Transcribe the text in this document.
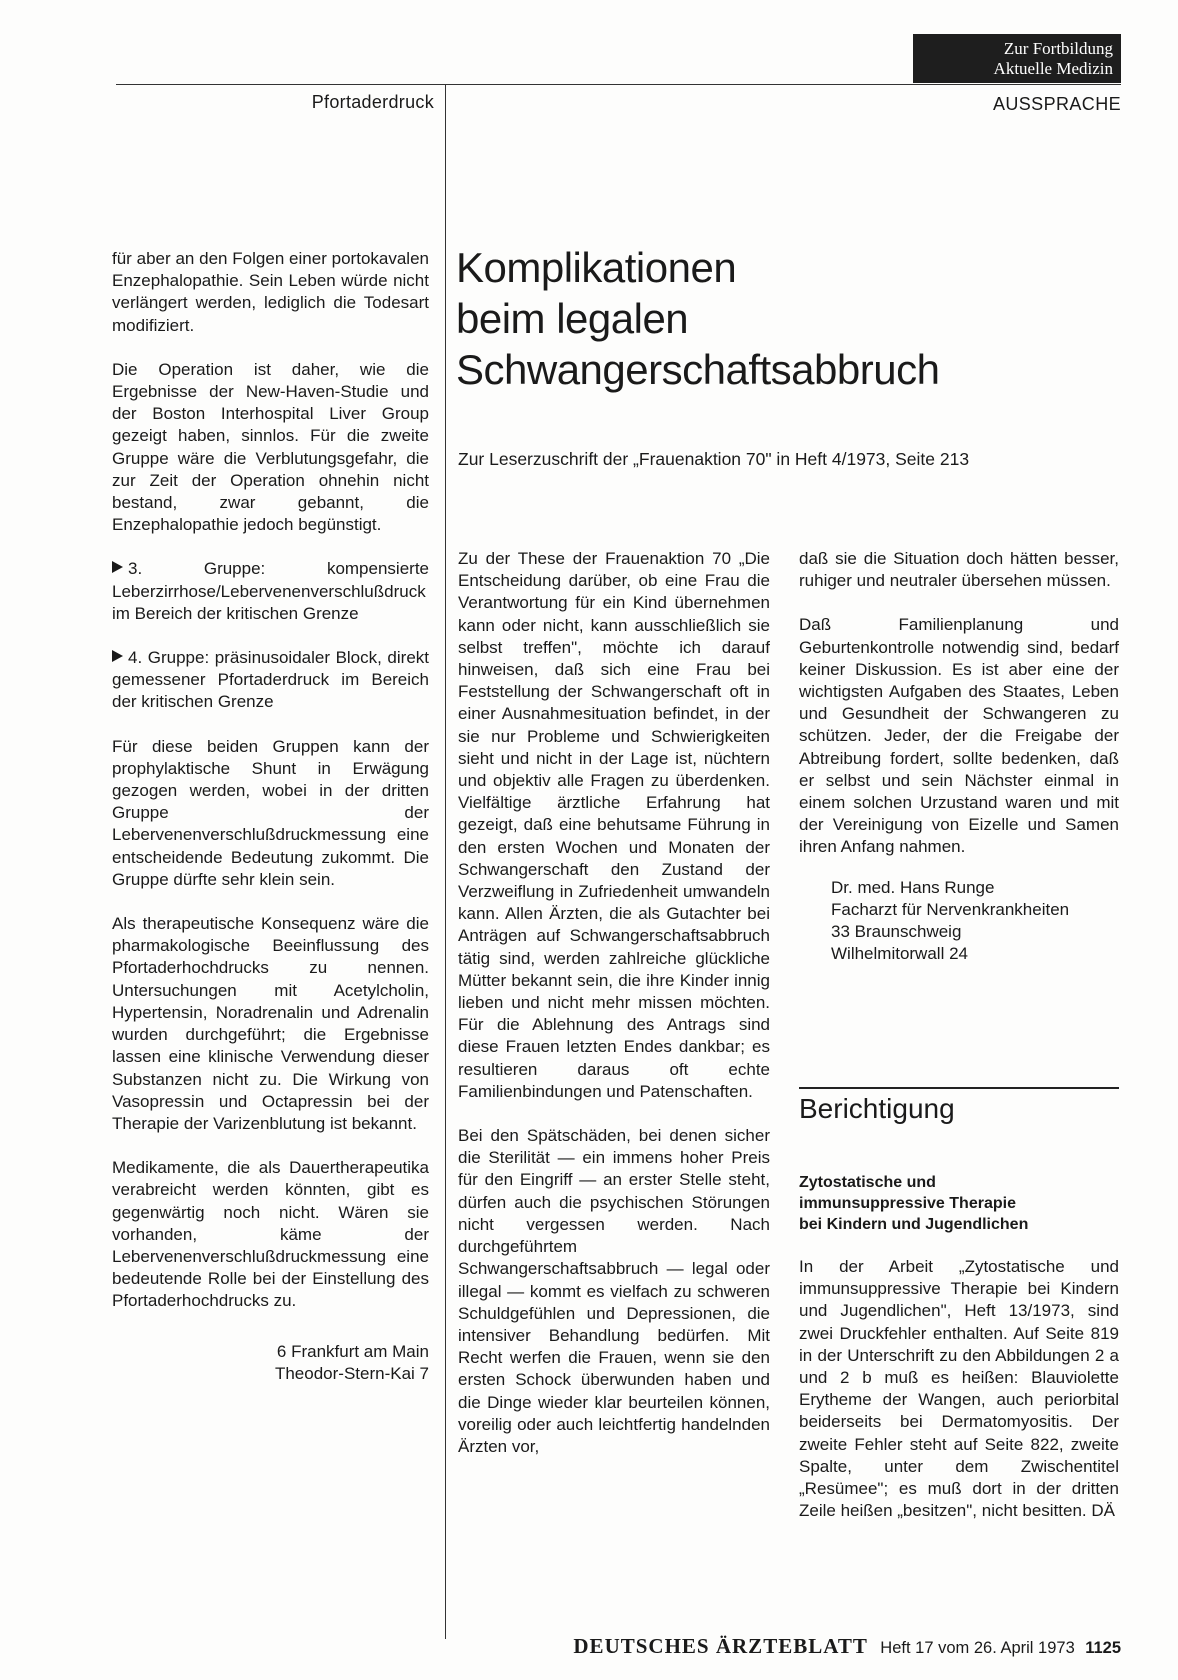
Zur Fortbildung
Aktuelle Medizin
Pfortaderdruck	AUSSPRACHE

für aber an den Folgen einer portokavalen Enzephalopathie. Sein Leben würde nicht verlängert werden, lediglich die Todesart modifiziert.

Die Operation ist daher, wie die Ergebnisse der New-Haven-Studie und der Boston Interhospital Liver Group gezeigt haben, sinnlos. Für die zweite Gruppe wäre die Verblutungsgefahr, die zur Zeit der Operation ohnehin nicht bestand, zwar gebannt, die Enzephalopathie jedoch begünstigt.

3. Gruppe: kompensierte Leberzirrhose/Lebervenenverschlußdruck im Bereich der kritischen Grenze

4. Gruppe: präsinusoidaler Block, direkt gemessener Pfortaderdruck im Bereich der kritischen Grenze

Für diese beiden Gruppen kann der prophylaktische Shunt in Erwägung gezogen werden, wobei in der dritten Gruppe der Lebervenenverschlußdruckmessung eine entscheidende Bedeutung zukommt. Die Gruppe dürfte sehr klein sein.

Als therapeutische Konsequenz wäre die pharmakologische Beeinflussung des Pfortaderhochdrucks zu nennen. Untersuchungen mit Acetylcholin, Hypertensin, Noradrenalin und Adrenalin wurden durchgeführt; die Ergebnisse lassen eine klinische Verwendung dieser Substanzen nicht zu. Die Wirkung von Vasopressin und Octapressin bei der Therapie der Varizenblutung ist bekannt.

Medikamente, die als Dauertherapeutika verabreicht werden könnten, gibt es gegenwärtig noch nicht. Wären sie vorhanden, käme der Lebervenenverschlußdruckmessung eine bedeutende Rolle bei der Einstellung des Pfortaderhochdrucks zu.

6 Frankfurt am Main
Theodor-Stern-Kai 7
Komplikationen
beim legalen
Schwangerschaftsabbruch
Zur Leserzuschrift der „Frauenaktion 70" in Heft 4/1973, Seite 213

Zu der These der Frauenaktion 70 „Die Entscheidung darüber, ob eine Frau die Verantwortung für ein Kind übernehmen kann oder nicht, kann ausschließlich sie selbst treffen", möchte ich darauf hinweisen, daß sich eine Frau bei Feststellung der Schwangerschaft oft in einer Ausnahmesituation befindet, in der sie nur Probleme und Schwierigkeiten sieht und nicht in der Lage ist, nüchtern und objektiv alle Fragen zu überdenken. Vielfältige ärztliche Erfahrung hat gezeigt, daß eine behutsame Führung in den ersten Wochen und Monaten der Schwangerschaft den Zustand der Verzweiflung in Zufriedenheit umwandeln kann. Allen Ärzten, die als Gutachter bei Anträgen auf Schwangerschaftsabbruch tätig sind, werden zahlreiche glückliche Mütter bekannt sein, die ihre Kinder innig lieben und nicht mehr missen möchten. Für die Ablehnung des Antrags sind diese Frauen letzten Endes dankbar; es resultieren daraus oft echte Familienbindungen und Patenschaften.

Bei den Spätschäden, bei denen sicher die Sterilität — ein immens hoher Preis für den Eingriff — an erster Stelle steht, dürfen auch die psychischen Störungen nicht vergessen werden. Nach durchgeführtem Schwangerschaftsabbruch — legal oder illegal — kommt es vielfach zu schweren Schuldgefühlen und Depressionen, die intensiver Behandlung bedürfen. Mit Recht werfen die Frauen, wenn sie den ersten Schock überwunden haben und die Dinge wieder klar beurteilen können, voreilig oder auch leichtfertig handelnden Ärzten vor,

daß sie die Situation doch hätten besser, ruhiger und neutraler übersehen müssen.

Daß Familienplanung und Geburtenkontrolle notwendig sind, bedarf keiner Diskussion. Es ist aber eine der wichtigsten Aufgaben des Staates, Leben und Gesundheit der Schwangeren zu schützen. Jeder, der die Freigabe der Abtreibung fordert, sollte bedenken, daß er selbst und sein Nächster einmal in einem solchen Urzustand waren und mit der Vereinigung von Eizelle und Samen ihren Anfang nahmen.

Dr. med. Hans Runge
Facharzt für Nervenkrankheiten
33 Braunschweig
Wilhelmitorwall 24
Berichtigung
Zytostatische und
immunsuppressive Therapie
bei Kindern und Jugendlichen
In der Arbeit „Zytostatische und immunsuppressive Therapie bei Kindern und Jugendlichen", Heft 13/1973, sind zwei Druckfehler enthalten. Auf Seite 819 in der Unterschrift zu den Abbildungen 2 a und 2 b muß es heißen: Blauviolette Erytheme der Wangen, auch periorbital beiderseits bei Dermatomyositis. Der zweite Fehler steht auf Seite 822, zweite Spalte, unter dem Zwischentitel „Resümee"; es muß dort in der dritten Zeile heißen „besitzen", nicht besitten. DÄ
DEUTSCHES ÄRZTEBLATT Heft 17 vom 26. April 1973 1125
